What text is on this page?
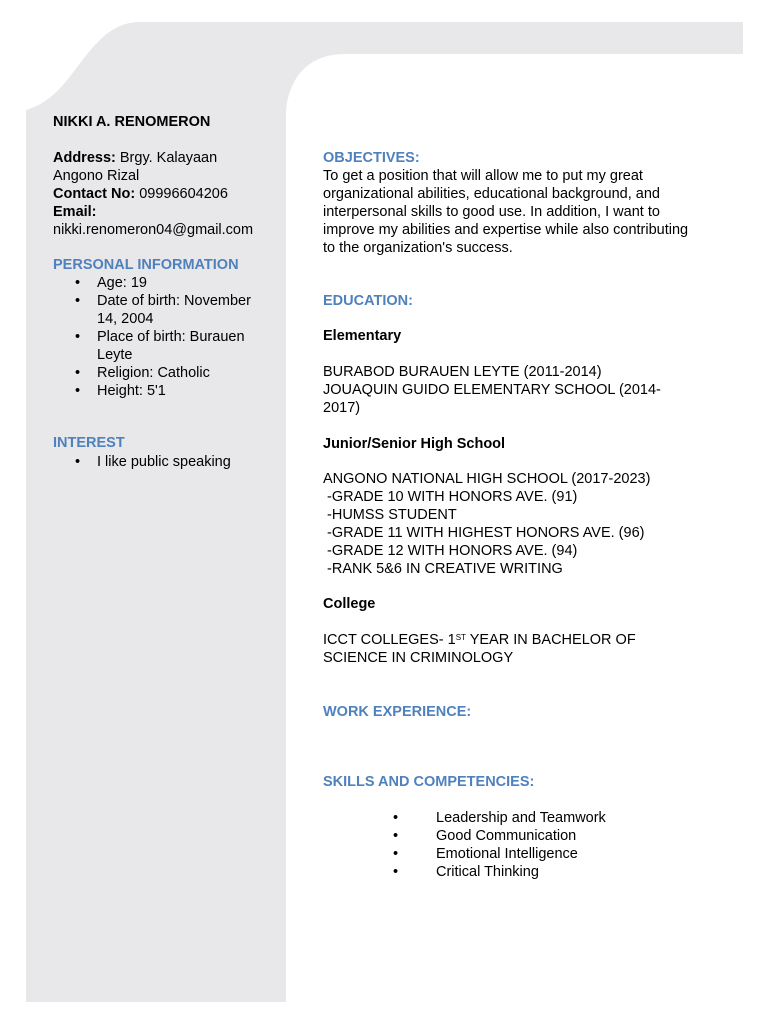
NIKKI A. RENOMERON
Address: Brgy. Kalayaan
Angono Rizal
Contact No: 09996604206
Email:
nikki.renomeron04@gmail.com
PERSONAL INFORMATION
• Age: 19
• Date of birth: November
14, 2004
• Place of birth: Burauen
Leyte
• Religion: Catholic
• Height: 5'1
INTEREST
• I like public speaking
OBJECTIVES:
To get a position that will allow me to put my great
organizational abilities, educational background, and
interpersonal skills to good use. In addition, I want to
improve my abilities and expertise while also contributing
to the organization's success.
EDUCATION:
Elementary
BURABOD BURAUEN LEYTE (2011-2014)
JOUAQUIN GUIDO ELEMENTARY SCHOOL (2014-
2017)
Junior/Senior High School
ANGONO NATIONAL HIGH SCHOOL (2017-2023)
-GRADE 10 WITH HONORS AVE. (91)
-HUMSS STUDENT
-GRADE 11 WITH HIGHEST HONORS AVE. (96)
-GRADE 12 WITH HONORS AVE. (94)
-RANK 5&6 IN CREATIVE WRITING
College
ICCT COLLEGES- 1ST YEAR IN BACHELOR OF
SCIENCE IN CRIMINOLOGY
WORK EXPERIENCE:
SKILLS AND COMPETENCIES:
•	Leadership and Teamwork
•	Good Communication
•	Emotional Intelligence
•	Critical Thinking
